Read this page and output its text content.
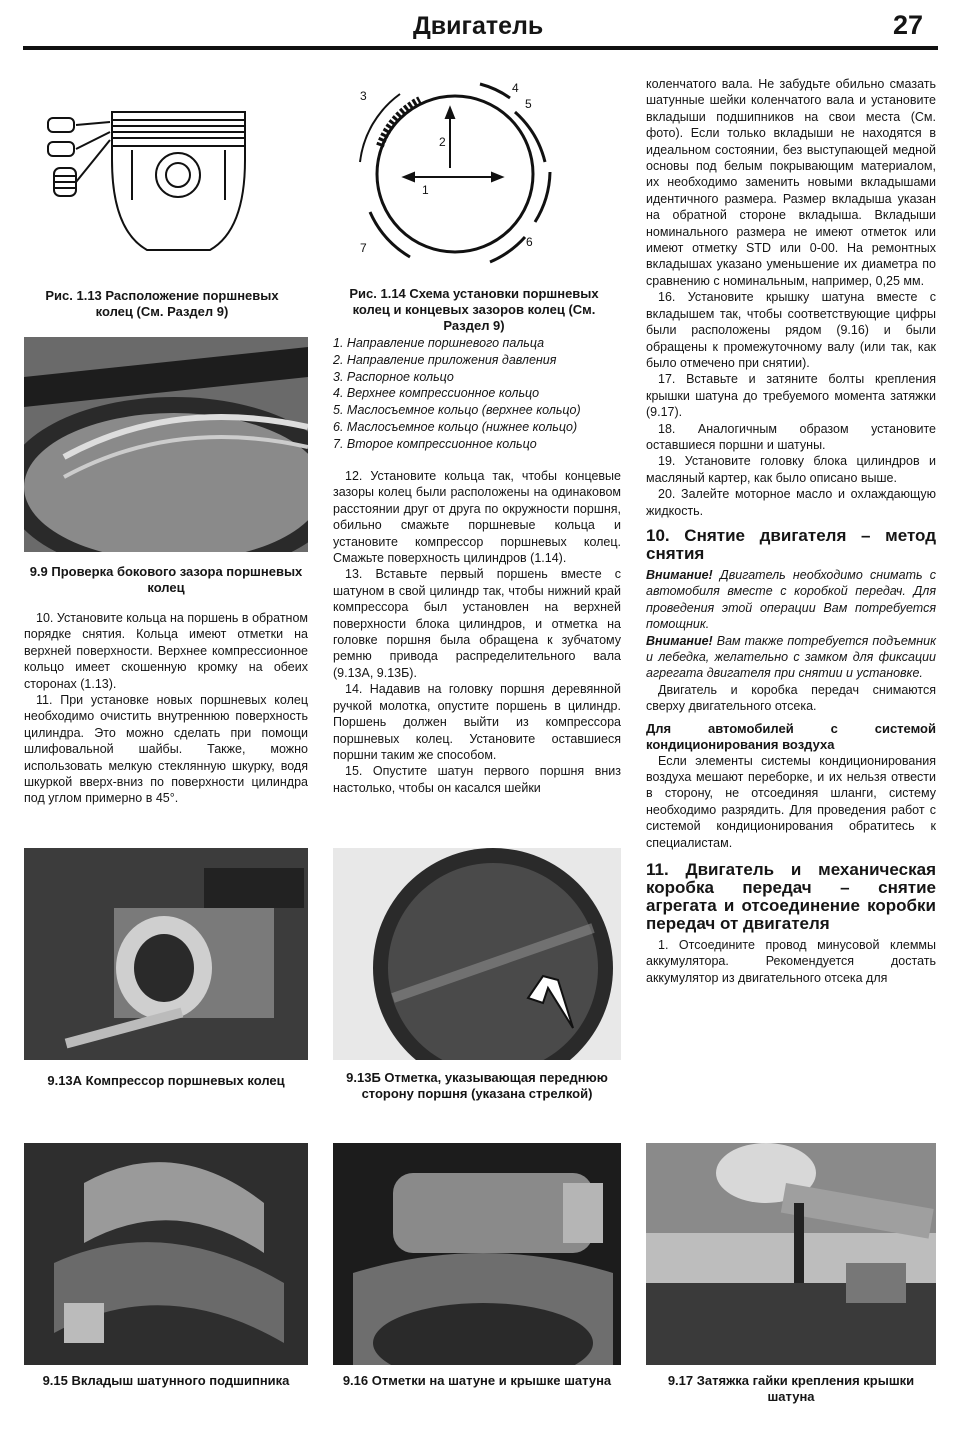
Двигатель	27
Рис. 1.13 Расположение поршневых колец (См. Раздел 9)
3
4
5
2
1
6
7
Рис. 1.14 Схема установки поршневых колец и концевых зазоров колец (См. Раздел 9)
1. Направление поршневого пальца
2. Направление приложения давления
3. Распорное кольцо
4. Верхнее компрессионное кольцо
5. Маслосъемное кольцо (верхнее кольцо)
6. Маслосъемное кольцо (нижнее кольцо)
7. Второе компрессионное кольцо
9.9 Проверка бокового зазора поршневых колец

10. Установите кольца на поршень в обратном порядке снятия. Кольца имеют отметки на верхней поверхности. Верхнее компрессионное кольцо имеет скошенную кромку на обеих сторонах (1.13).

11. При установке новых поршневых колец необходимо очистить внутреннюю поверхность цилиндра. Это можно сделать при помощи шлифовальной шайбы. Также, можно использовать мелкую стеклянную шкурку, водя шкуркой вверх-вниз по поверхности цилиндра под углом примерно в 45°.

12. Установите кольца так, чтобы концевые зазоры колец были расположены на одинаковом расстоянии друг от друга по окружности поршня, обильно смажьте поршневые кольца и установите компрессор поршневых колец. Смажьте поверхность цилиндров (1.14).

13. Вставьте первый поршень вместе с шатуном в свой цилиндр так, чтобы нижний край компрессора был установлен на верхней поверхности блока цилиндров, и отметка на головке поршня была обращена к зубчатому ремню привода распределительного вала (9.13А, 9.13Б).

14. Надавив на головку поршня деревянной ручкой молотка, опустите поршень в цилиндр. Поршень должен выйти из компрессора поршневых колец. Установите оставшиеся поршни таким же способом.

15. Опустите шатун первого поршня вниз настолько, чтобы он касался шейки

коленчатого вала. Не забудьте обильно смазать шатунные шейки коленчатого вала и установите вкладыши подшипников на свои места (См. фото). Если только вкладыши не находятся в идеальном состоянии, без выступающей медной основы под белым покрывающим материалом, их необходимо заменить новыми вкладышами идентичного размера. Размер вкладыша указан на обратной стороне вкладыша. Вкладыши номинального размера не имеют отметок или имеют отметку STD или 0-00. На ремонтных вкладышах указано уменьшение их диаметра по сравнению с номинальным, например, 0,25 мм.

16. Установите крышку шатуна вместе с вкладышем так, чтобы соответствующие цифры были расположены рядом (9.16) и были обращены к промежуточному валу (или так, как было отмечено при снятии).

17. Вставьте и затяните болты крепления крышки шатуна до требуемого момента затяжки (9.17).

18. Аналогичным образом установите оставшиеся поршни и шатуны.

19. Установите головку блока цилиндров и масляный картер, как было описано выше.

20. Залейте моторное масло и охлаждающую жидкость.

10. Снятие двигателя – метод снятия
Внимание! Двигатель необходимо снимать с автомобиля вместе с коробкой передач. Для проведения этой операции Вам потребуется помощник.
Внимание! Вам также потребуется подъемник и лебедка, желательно с замком для фиксации агрегата двигателя при снятии и установке.

Двигатель и коробка передач снимаются сверху двигательного отсека.

Для автомобилей с системой кондиционирования воздуха

Если элементы системы кондиционирования воздуха мешают переборке, и их нельзя отвести в сторону, не отсоединяя шланги, систему необходимо разрядить. Для проведения работ с системой кондиционирования обратитесь к специалистам.

11. Двигатель и механическая коробка передач – снятие агрегата и отсоединение коробки передач от двигателя

1. Отсоедините провод минусовой клеммы аккумулятора. Рекомендуется достать аккумулятор из двигательного отсека для

9.13А Компрессор поршневых колец	9.13Б Отметка, указывающая переднюю сторону поршня (указана стрелкой)
9.15 Вкладыш шатунного подшипника	9.16 Отметки на шатуне и крышке шатуна	9.17 Затяжка гайки крепления крышки шатуна
